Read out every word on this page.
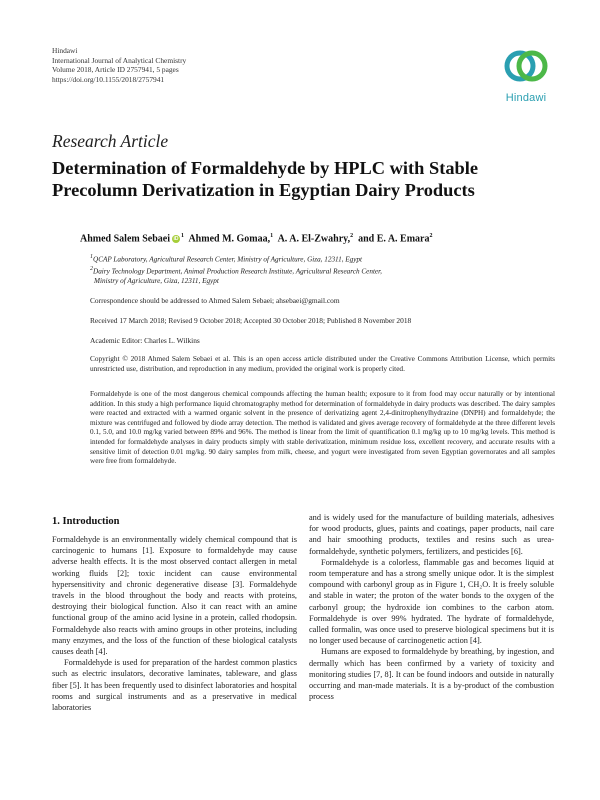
Hindawi
International Journal of Analytical Chemistry
Volume 2018, Article ID 2757941, 5 pages
https://doi.org/10.1155/2018/2757941
Hindawi
Research Article
Determination of Formaldehyde by HPLC with Stable
Precolumn Derivatization in Egyptian Dairy Products
Ahmed Salem Sebaei $iD^1$ Ahmed M. Gomaa,$^1$ A. A. El-Zwahry,$^2$ and E. A. Emara$^2$
$^1$QCAP Laboratory, Agricultural Research Center, Ministry of Agriculture, Giza, 12311, Egypt
$^2$Dairy Technology Department, Animal Production Research Institute, Agricultural Research Center,
Ministry of Agriculture, Giza, 12311, Egypt
Correspondence should be addressed to Ahmed Salem Sebaei; ahsebaei@gmail.com
Received 17 March 2018; Revised 9 October 2018; Accepted 30 October 2018; Published 8 November 2018
Academic Editor: Charles L. Wilkins
Copyright © 2018 Ahmed Salem Sebaei et al. This is an open access article distributed under the Creative Commons Attribution License, which permits unrestricted use, distribution, and reproduction in any medium, provided the original work is properly cited.
Formaldehyde is one of the most dangerous chemical compounds affecting the human health; exposure to it from food may occur naturally or by intentional addition. In this study a high performance liquid chromatography method for determination of formaldehyde in dairy products was described. The dairy samples were reacted and extracted with a warmed organic solvent in the presence of derivatizing agent 2,4-dinitrophenylhydrazine (DNPH) and formaldehyde; the mixture was centrifuged and followed by diode array detection. The method is validated and gives average recovery of formaldehyde at the three different levels 0.1, 5.0, and 10.0 mg/kg varied between 89% and 96%. The method is linear from the limit of quantification 0.1 mg/kg up to 10 mg/kg levels. This method is intended for formaldehyde analyses in dairy products simply with stable derivatization, minimum residue loss, excellent recovery, and accurate results with a sensitive limit of detection 0.01 mg/kg. 90 dairy samples from milk, cheese, and yogurt were investigated from seven Egyptian governorates and all samples were free from formaldehyde.
1. Introduction

Formaldehyde is an environmentally widely chemical compound that is carcinogenic to humans [1]. Exposure to formaldehyde may cause adverse health effects. It is the most observed contact allergen in metal working fluids [2]; toxic incident can cause environmental hypersensitivity and chronic degenerative disease [3]. Formaldehyde travels in the blood throughout the body and reacts with proteins, destroying their biological function. Also it can react with an amine functional group of the amino acid lysine in a protein, called rhodopsin. Formaldehyde also reacts with amino groups in other proteins, including many enzymes, and the loss of the function of these biological catalysts causes death [4].

Formaldehyde is used for preparation of the hardest common plastics such as electric insulators, decorative laminates, tableware, and glass fiber [5]. It has been frequently used to disinfect laboratories and hospital rooms and surgical instruments and as a preservative in medical laboratories

and is widely used for the manufacture of building materials, adhesives for wood products, glues, paints and coatings, paper products, nail care and hair smoothing products, textiles and resins such as urea-formaldehyde, synthetic polymers, fertilizers, and pesticides [6].

Formaldehyde is a colorless, flammable gas and becomes liquid at room temperature and has a strong smelly unique odor. It is the simplest compound with carbonyl group as in Figure 1, CH₂O. It is freely soluble and stable in water; the proton of the water bonds to the oxygen of the carbonyl group; the hydroxide ion combines to the carbon atom. Formaldehyde is over 99% hydrated. The hydrate of formaldehyde, called formalin, was once used to preserve biological specimens but it is no longer used because of carcinogenetic action [4].

Humans are exposed to formaldehyde by breathing, by ingestion, and dermally which has been confirmed by a variety of toxicity and monitoring studies [7, 8]. It can be found indoors and outside in naturally occurring and man-made materials. It is a by-product of the combustion process
